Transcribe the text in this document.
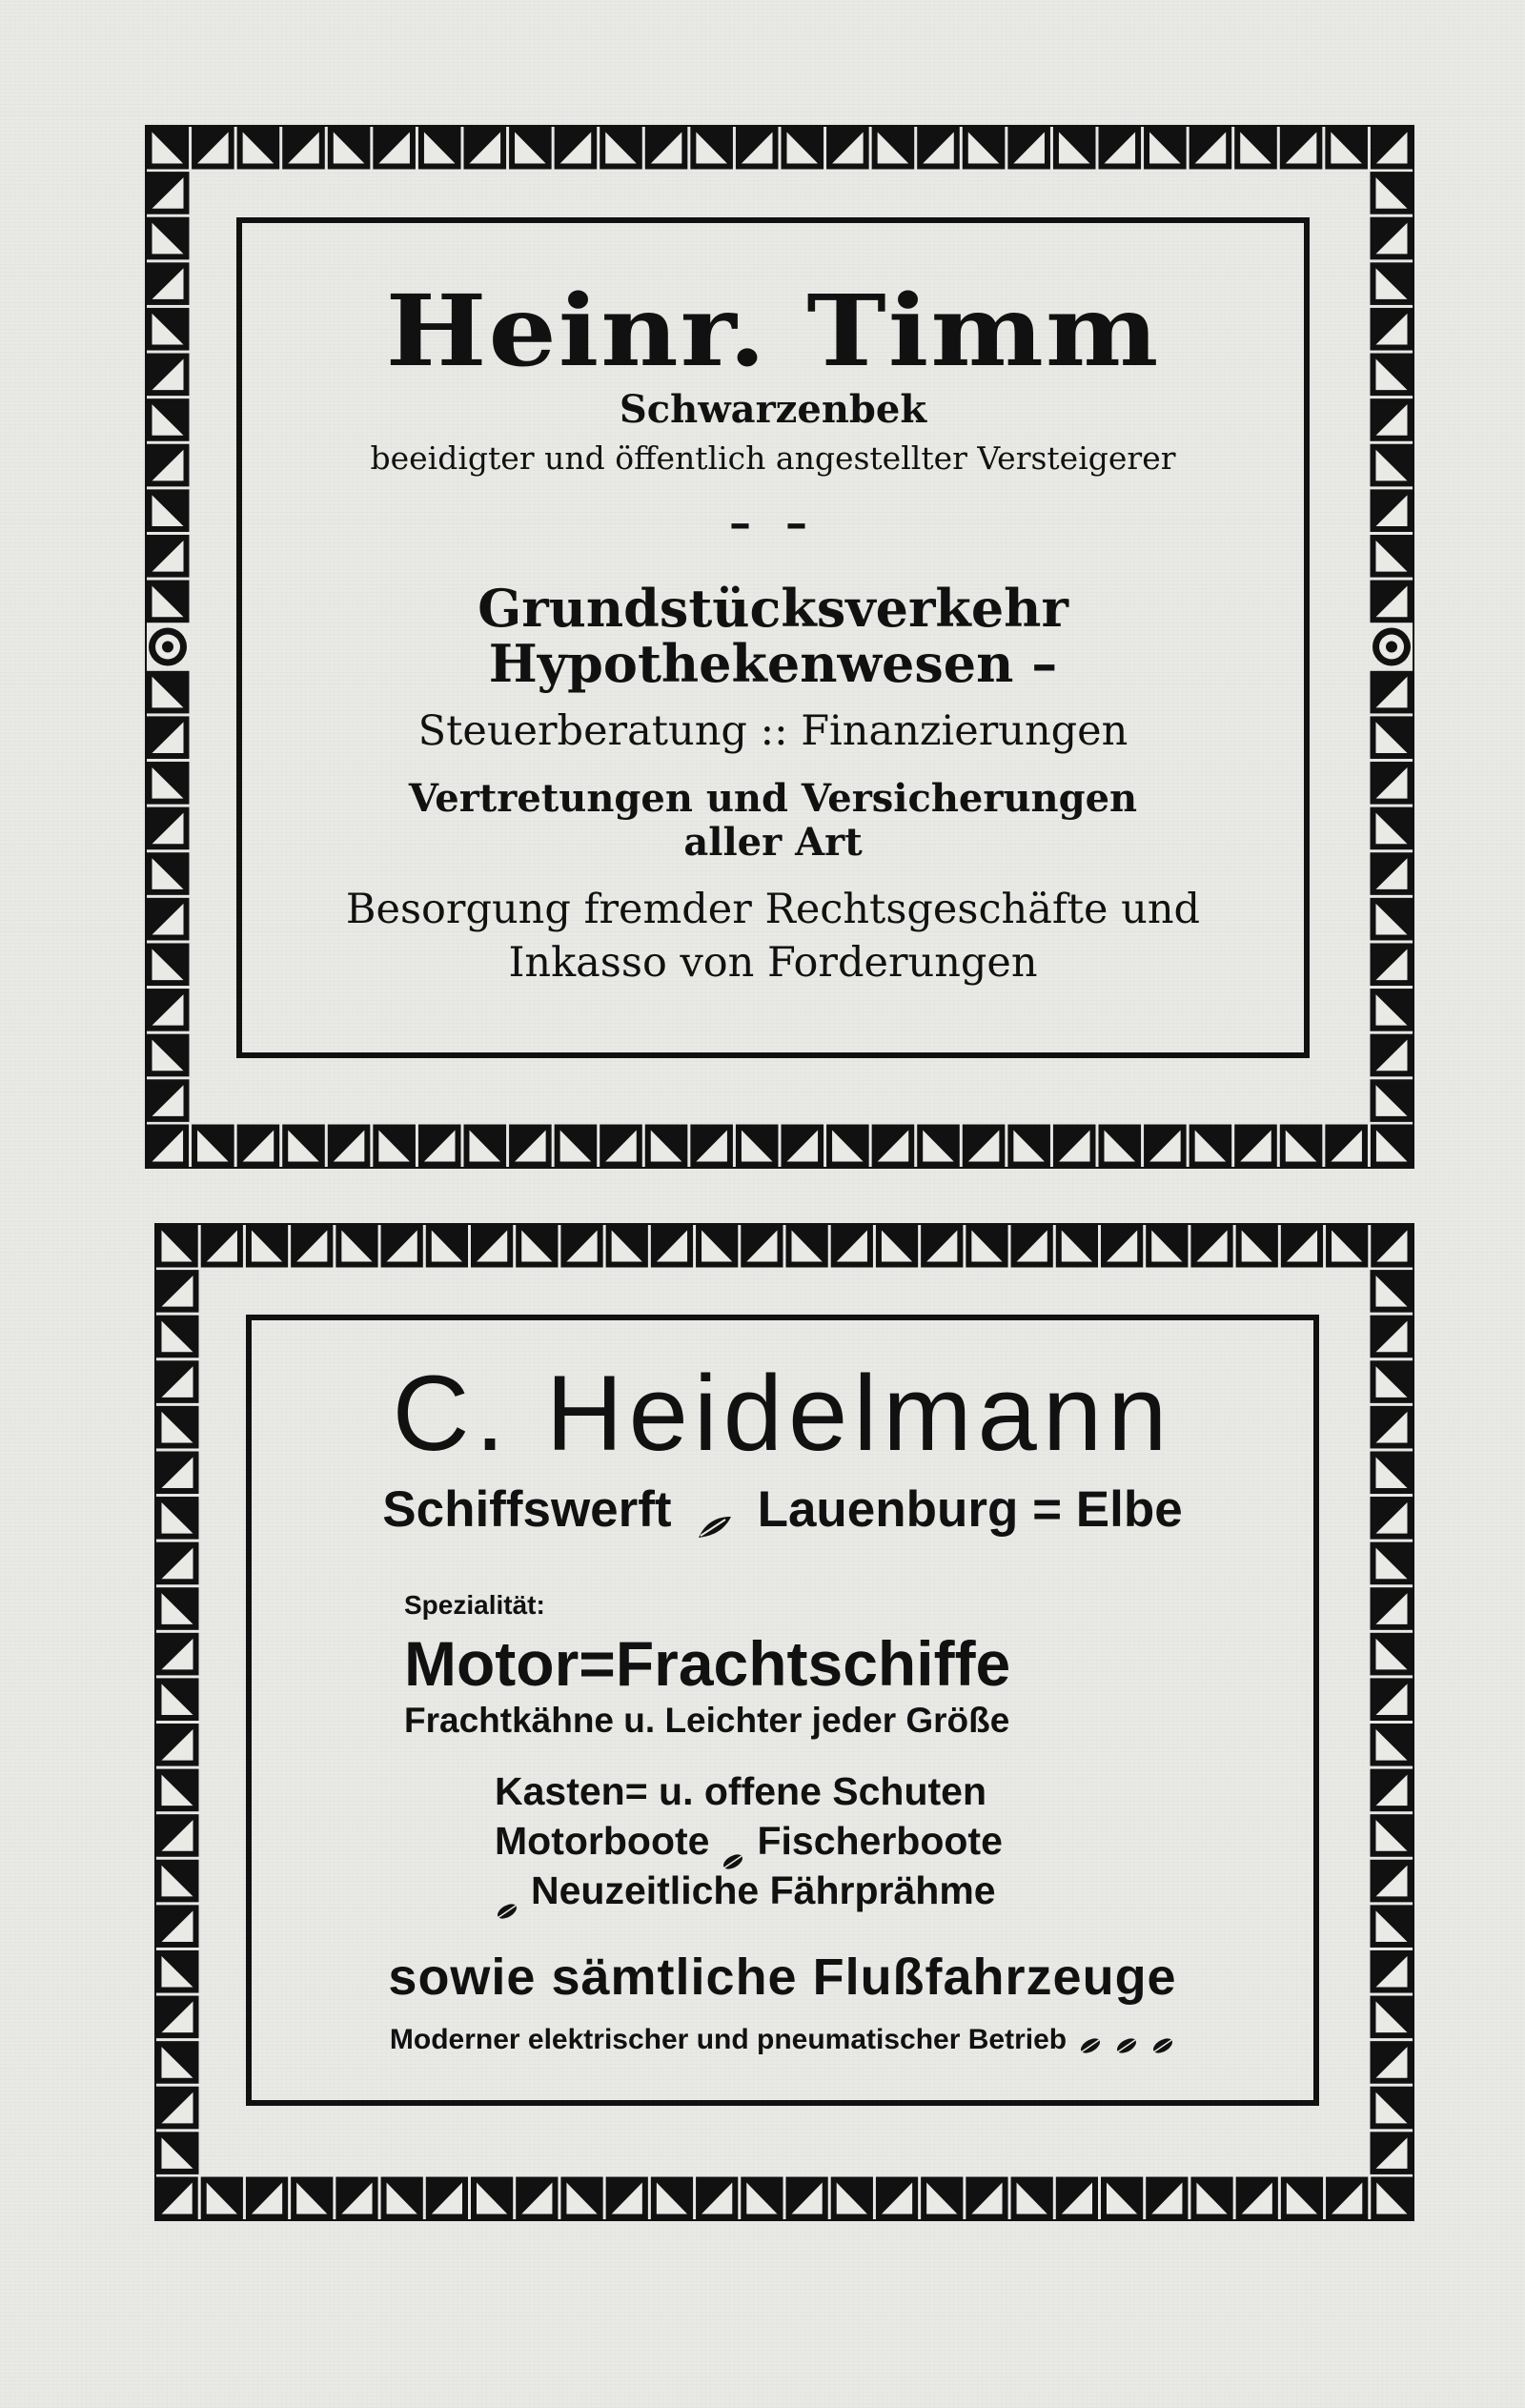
Heinr. Timm
Schwarzenbek
beeidigter und öffentlich angestellter Versteigerer
– –
Grundstücksverkehr
Hypothekenwesen –
Steuerberatung :: Finanzierungen
Vertretungen und Versicherungen
aller Art
Besorgung fremder Rechtsgeschäfte und
Inkasso von Forderungen
C. Heidelmann
Schiffswerft Lauenburg = Elbe
Spezialität:
Motor=Frachtschiffe
Frachtkähne u. Leichter jeder Größe
Kasten= u. offene Schuten
Motorboote Fischerboote
Neuzeitliche Fährprähme
sowie sämtliche Flußfahrzeuge
Moderner elektrischer und pneumatischer Betrieb
